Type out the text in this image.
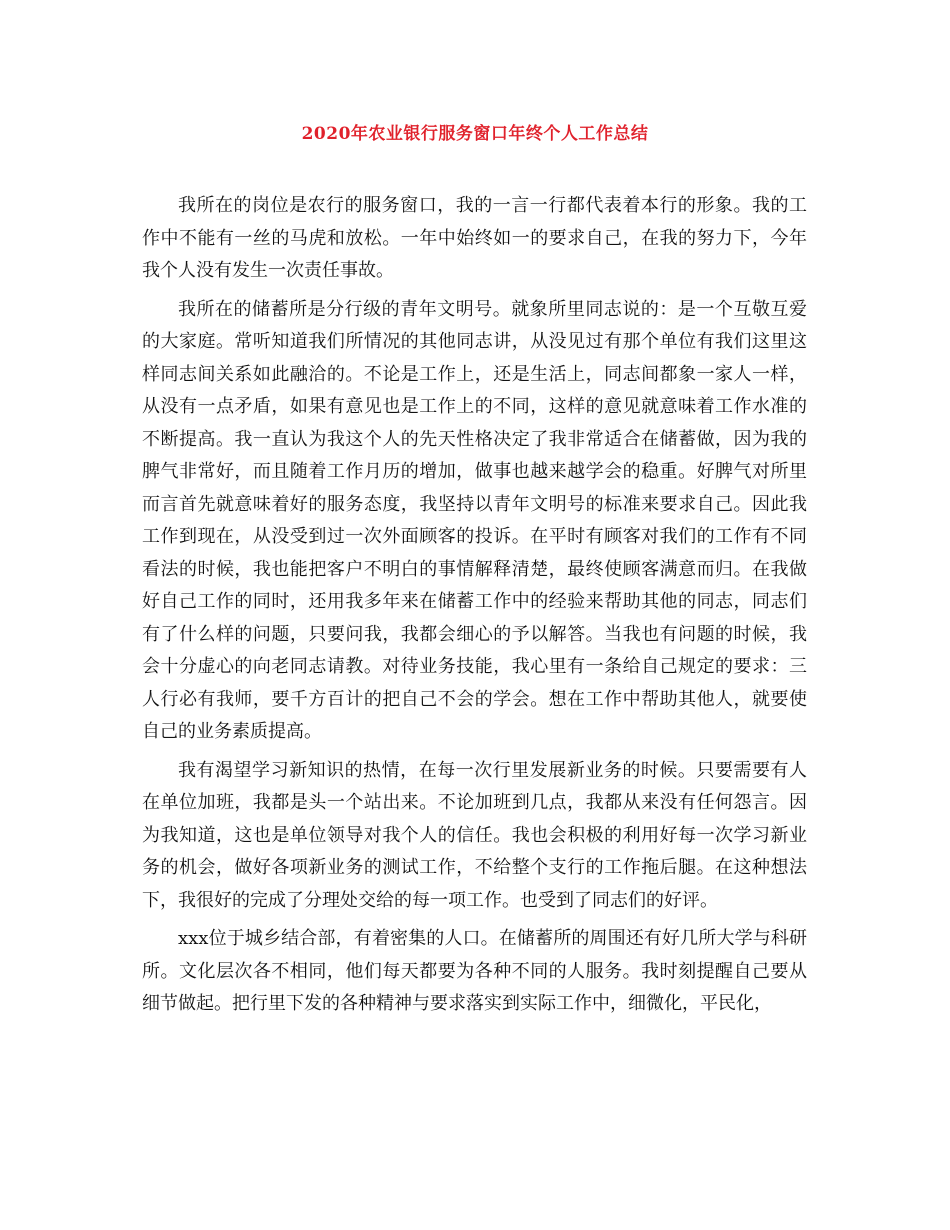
2020年农业银行服务窗口年终个人工作总结

我所在的岗位是农行的服务窗口，我的一言一行都代表着本行的形象。我的工作中不能有一丝的马虎和放松。一年中始终如一的要求自己，在我的努力下，今年我个人没有发生一次责任事故。

我所在的储蓄所是分行级的青年文明号。就象所里同志说的：是一个互敬互爱的大家庭。常听知道我们所情况的其他同志讲，从没见过有那个单位有我们这里这样同志间关系如此融洽的。不论是工作上，还是生活上，同志间都象一家人一样，从没有一点矛盾，如果有意见也是工作上的不同，这样的意见就意味着工作水准的不断提高。我一直认为我这个人的先天性格决定了我非常适合在储蓄做，因为我的脾气非常好，而且随着工作月历的增加，做事也越来越学会的稳重。好脾气对所里而言首先就意味着好的服务态度，我坚持以青年文明号的标准来要求自己。因此我工作到现在，从没受到过一次外面顾客的投诉。在平时有顾客对我们的工作有不同看法的时候，我也能把客户不明白的事情解释清楚，最终使顾客满意而归。在我做好自己工作的同时，还用我多年来在储蓄工作中的经验来帮助其他的同志，同志们有了什么样的问题，只要问我，我都会细心的予以解答。当我也有问题的时候，我会十分虚心的向老同志请教。对待业务技能，我心里有一条给自己规定的要求：三人行必有我师，要千方百计的把自己不会的学会。想在工作中帮助其他人，就要使自己的业务素质提高。

我有渴望学习新知识的热情，在每一次行里发展新业务的时候。只要需要有人在单位加班，我都是头一个站出来。不论加班到几点，我都从来没有任何怨言。因为我知道，这也是单位领导对我个人的信任。我也会积极的利用好每一次学习新业务的机会，做好各项新业务的测试工作，不给整个支行的工作拖后腿。在这种想法下，我很好的完成了分理处交给的每一项工作。也受到了同志们的好评。

xxx位于城乡结合部，有着密集的人口。在储蓄所的周围还有好几所大学与科研所。文化层次各不相同，他们每天都要为各种不同的人服务。我时刻提醒自己要从细节做起。把行里下发的各种精神与要求落实到实际工作中，细微化，平民化，
